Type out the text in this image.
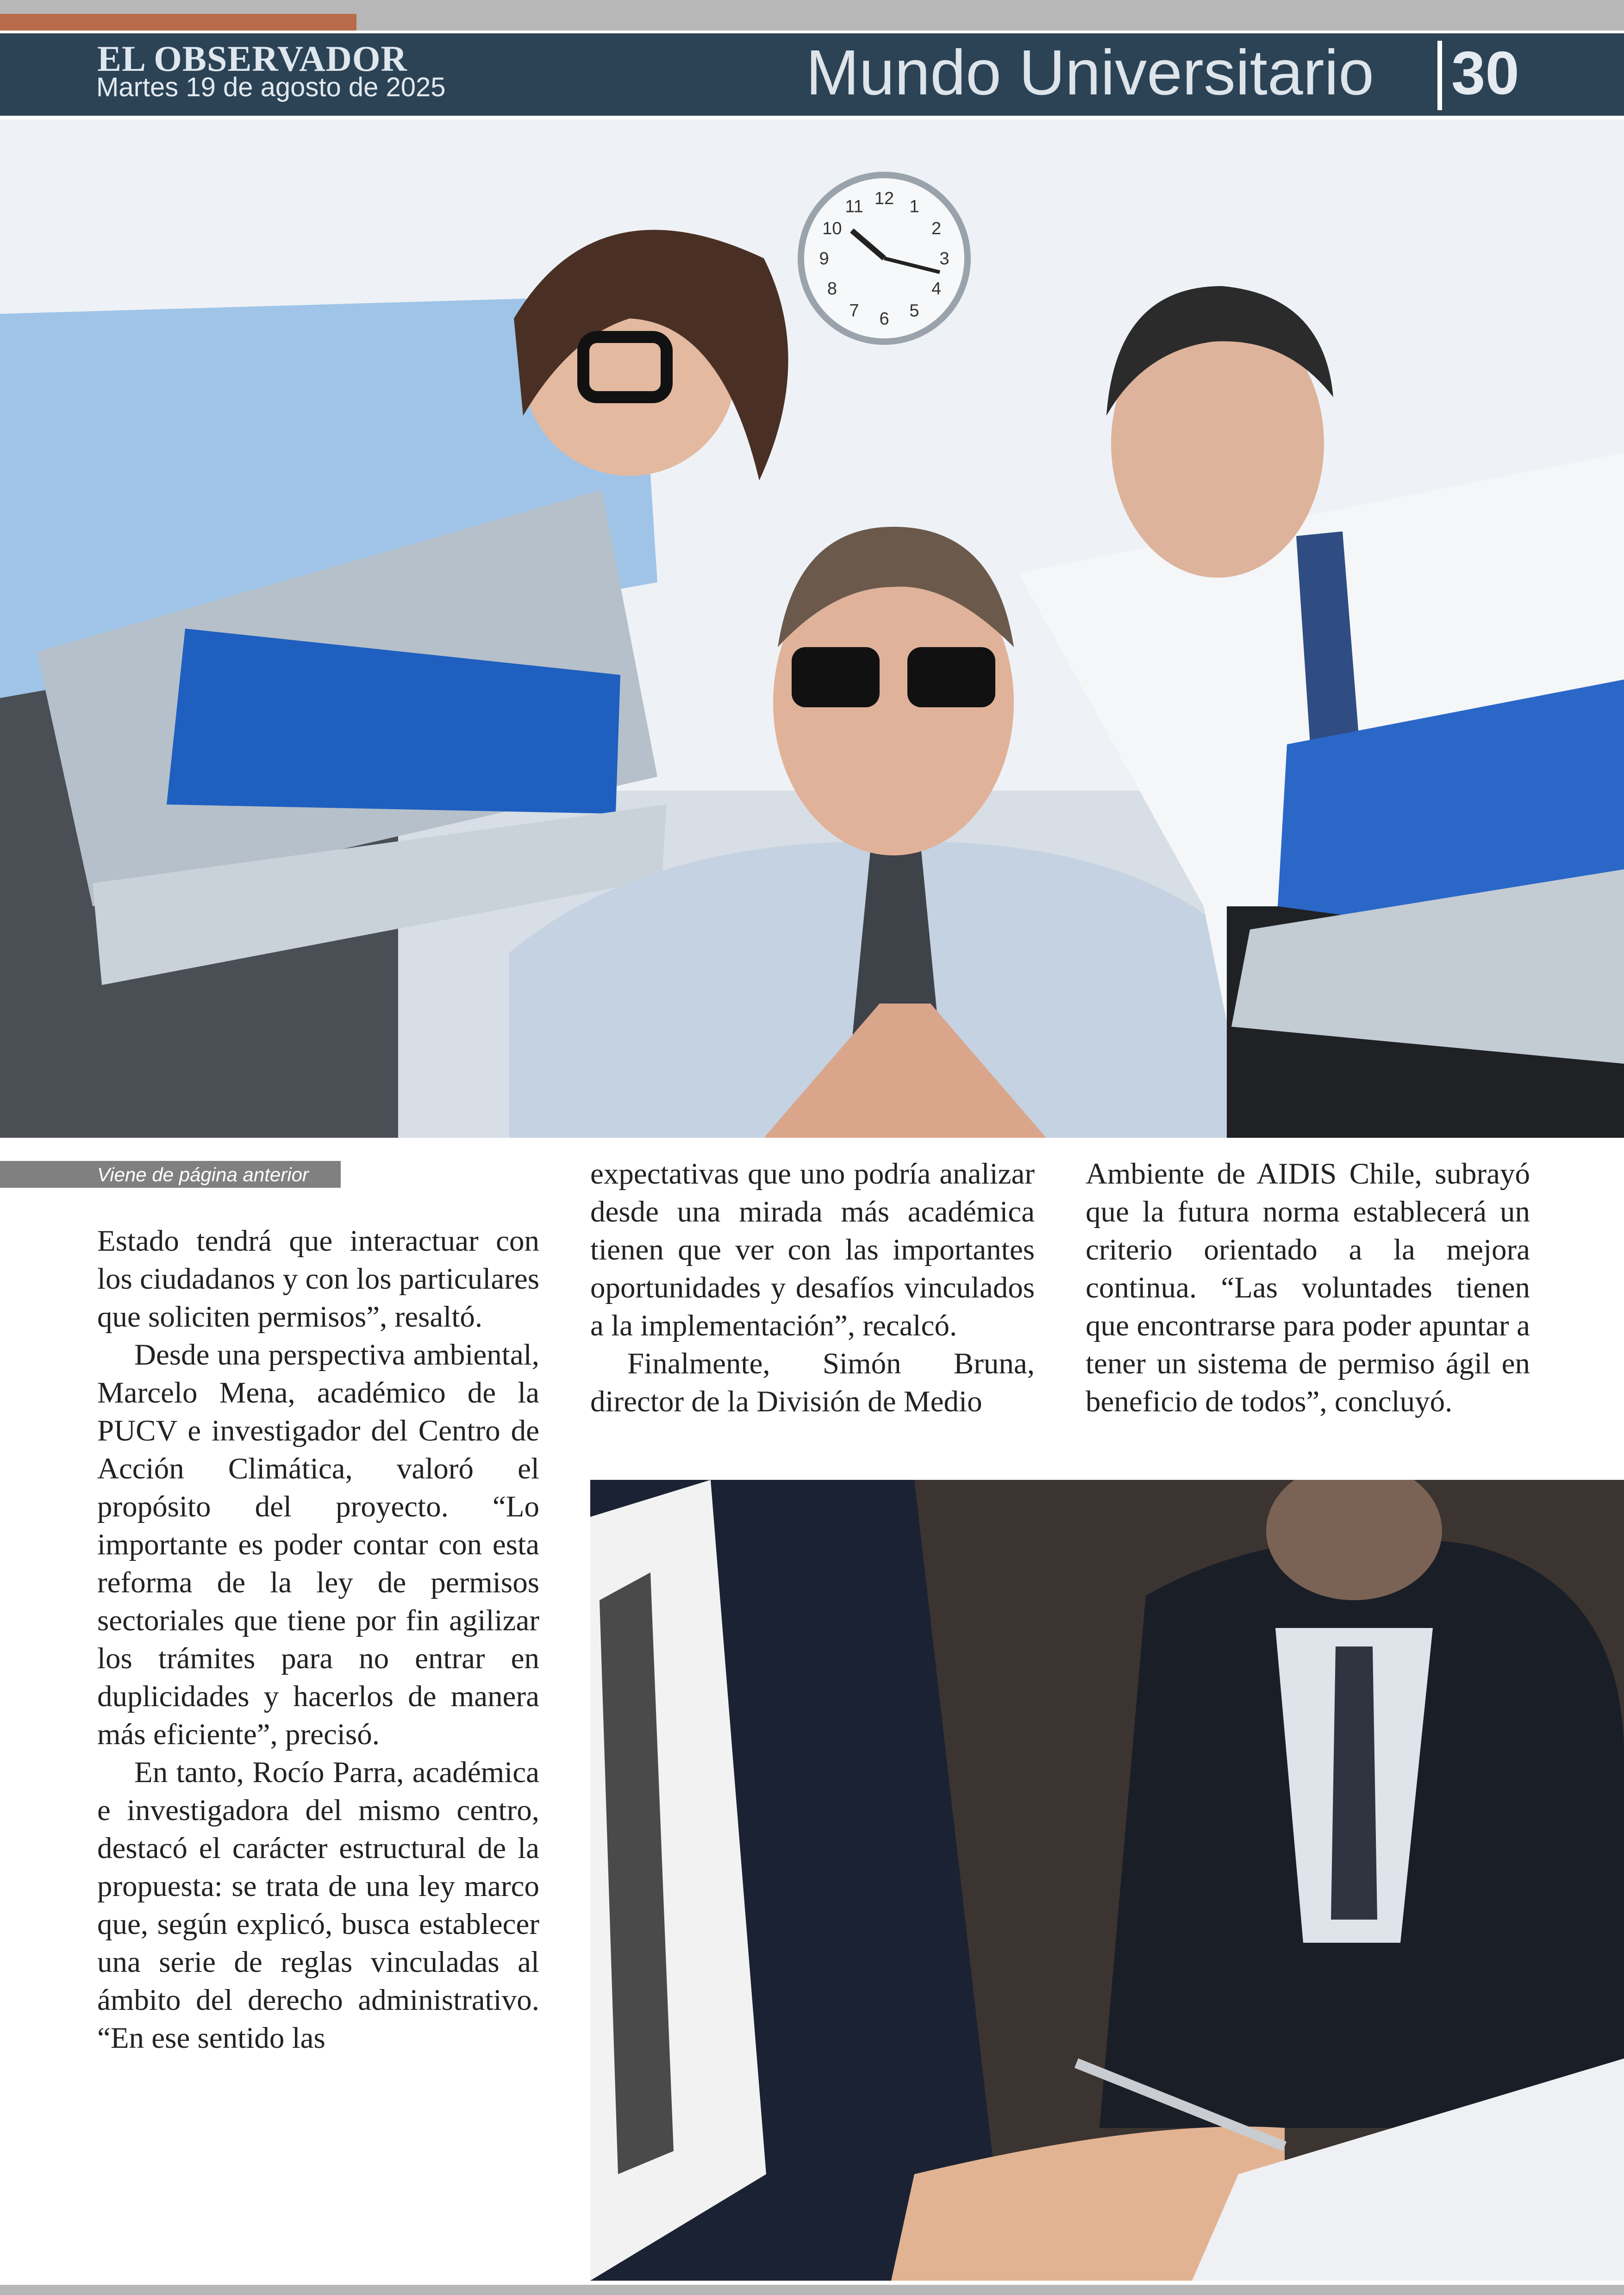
EL OBSERVADOR
Martes 19 de agosto de 2025	Mundo Universitario 30
12 1
2
3
4
5
6
7
8
9
10
11
Viene de página anterior

Estado tendrá que interactuar con los ciudadanos y con los particulares que soliciten permisos”, resaltó.

Desde una perspectiva ambiental, Marcelo Mena, académico de la PUCV e investigador del Centro de Acción Climática, valoró el propósito del proyecto. “Lo importante es poder contar con esta reforma de la ley de permisos sectoriales que tiene por fin agilizar los trámites para no entrar en duplicidades y hacerlos de manera más eficiente”, precisó.

En tanto, Rocío Parra, académica e investigadora del mismo centro, destacó el carácter estructural de la propuesta: se trata de una ley marco que, según explicó, busca establecer una serie de reglas vinculadas al ámbito del derecho administrativo. “En ese sentido las

expectativas que uno podría analizar desde una mirada más académica tienen que ver con las importantes oportunidades y desafíos vinculados a la implementación”, recalcó.

Finalmente, Simón Bruna, director de la División de Medio

Ambiente de AIDIS Chile, subrayó que la futura norma establecerá un criterio orientado a la mejora continua. “Las voluntades tienen que encontrarse para poder apuntar a tener un sistema de permiso ágil en beneficio de todos”, concluyó.
